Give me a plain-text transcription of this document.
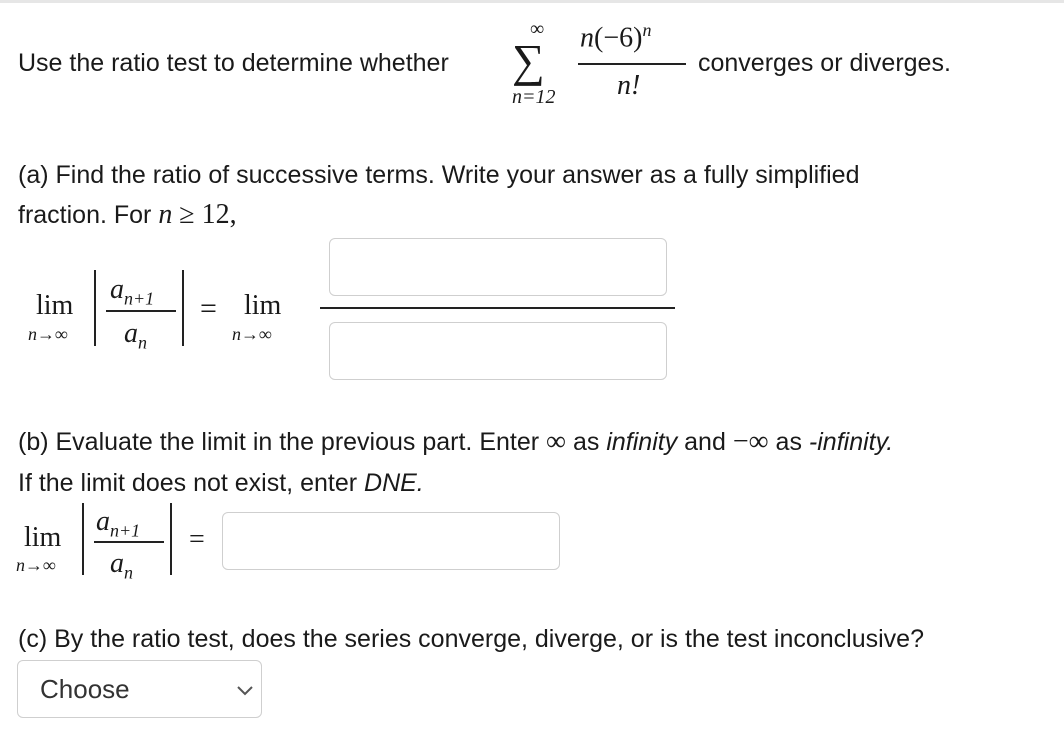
Use the ratio test to determine whether
∞
∑
n=12
$n(-6)^n$
n!
converges or diverges.
(a) Find the ratio of successive terms. Write your answer as a fully simplified
fraction. For n ≥ 12,
lim
n→∞
$a_{n+1}$
$a_n$
= lim
n→∞
(b) Evaluate the limit in the previous part. Enter ∞ as infinity and −∞ as -infinity.
If the limit does not exist, enter DNE.
lim
n→∞
$a_{n+1}$
$a_n$
=
(c) By the ratio test, does the series converge, diverge, or is the test inconclusive?
Choose
